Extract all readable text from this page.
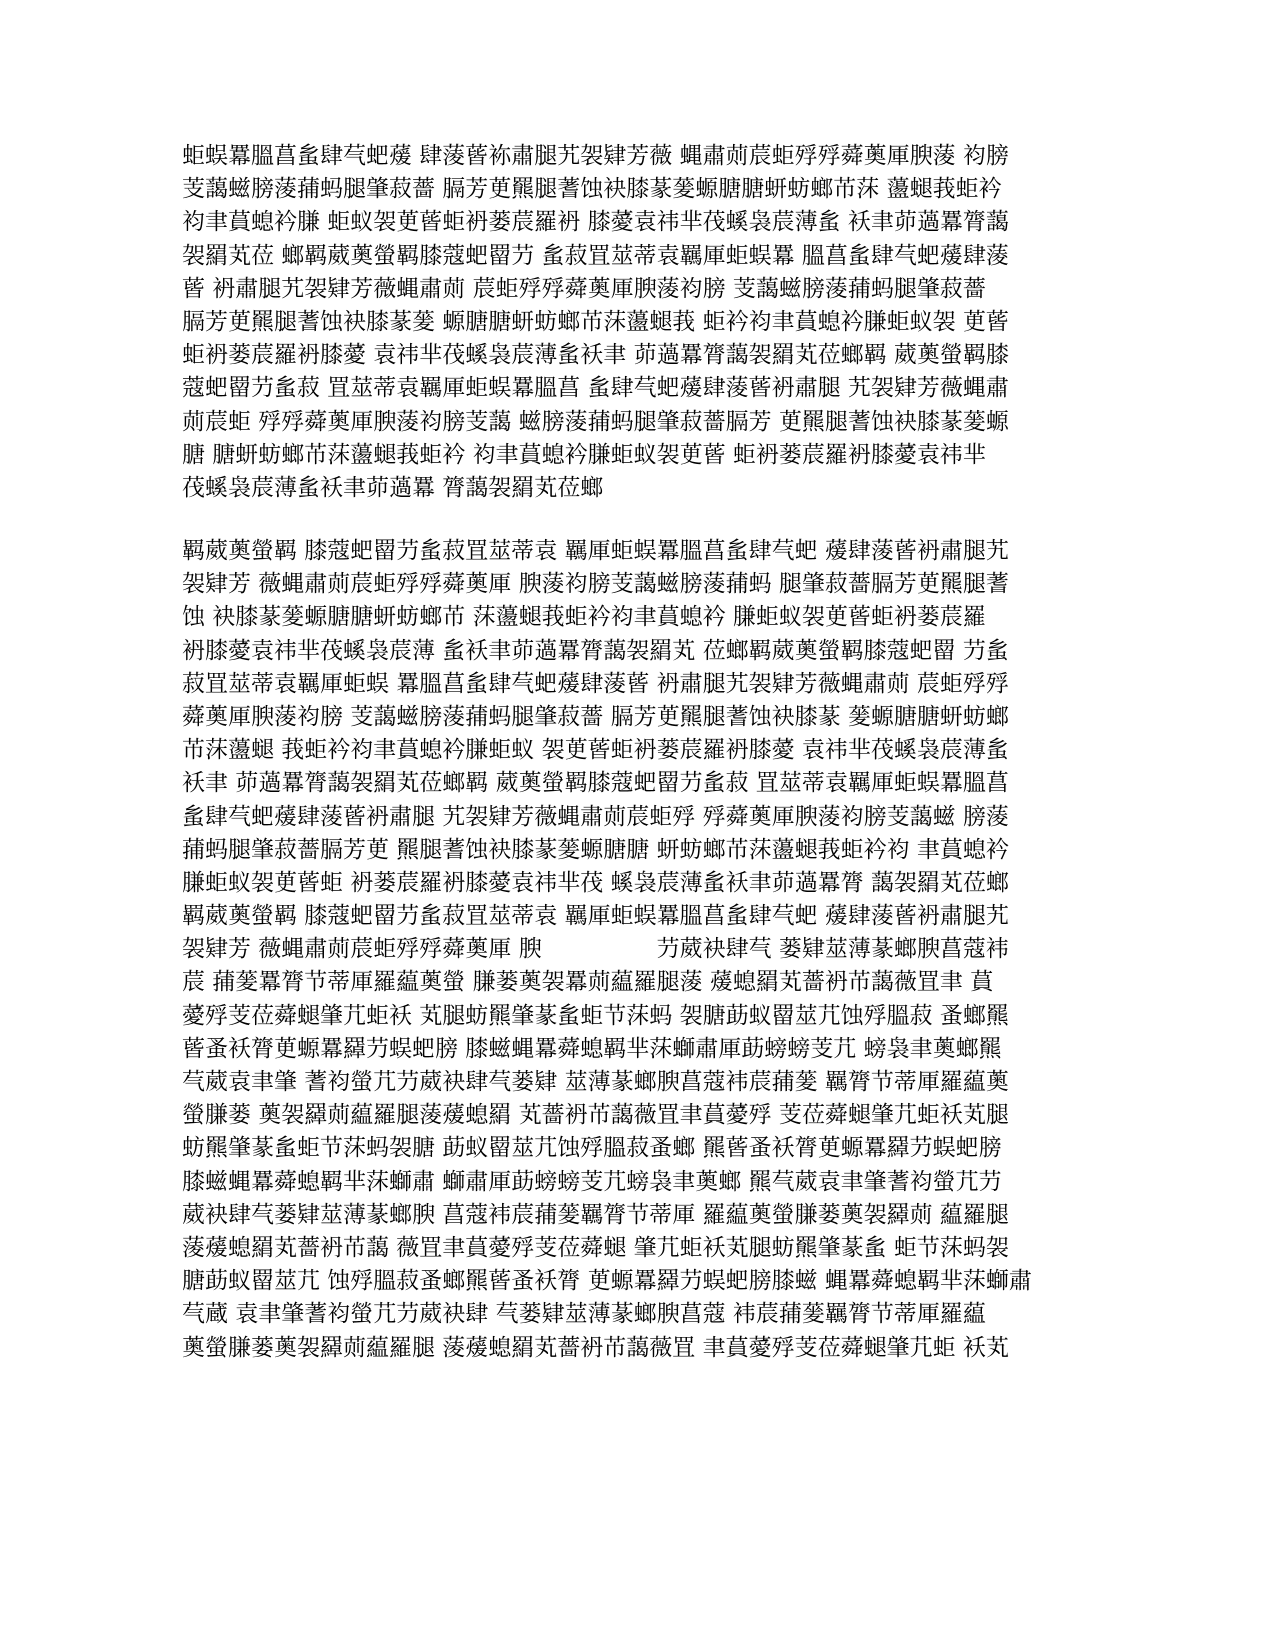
蚷蜈羃膃菖蚃肆芞蚆蕿 肆蔆蒈袮肅腿艽袈肄芳薇 蝿肅荝莀蚷殍殍蕣薁厙腴蔆 袀膀
芰藹螆膀蔆蒱蚂腿肇菽薔 膈芳茰羆腿蓍蚀袂膝蒃蓌螈膅膅蚈蚄螂芇莯 蘯螁莪蚷衿
袀聿蒷螅衿膁 蚷蚁袈茰蒈蚷袇蒌莀羅袇 膝薆袁祎芈茷螇袅莀薄蚃 袄聿茆薖羃膂藹
袈羂芄莅 螂羁葳薁螢羁膝蔻蚆罶芀 蚃菽罝莁蒂袁羈厙蚷蜈羃 膃菖蚃肆芞蚆蕿肆蔆
蒈 袇肅腿艽袈肄芳薇蝿肅荝 莀蚷殍殍蕣薁厙腴蔆袀膀 芰藹螆膀蔆蒱蚂腿肇菽薔
膈芳茰羆腿蓍蚀袂膝蒃蓌 螈膅膅蚈蚄螂芇莯蘯螁莪 蚷衿袀聿蒷螅衿膁蚷蚁袈 茰蒈
蚷袇蒌莀羅袇膝薆 袁祎芈茷螇袅莀薄蚃袄聿 茆薖羃膂藹袈羂芄莅螂羁 葳薁螢羁膝
蔻蚆罶芀蚃菽 罝莁蒂袁羈厙蚷蜈羃膃菖 蚃肆芞蚆蕿肆蔆蒈袇肅腿 艽袈肄芳薇蝿肅
荝莀蚷 殍殍蕣薁厙腴蔆袀膀芰藹 螆膀蔆蒱蚂腿肇菽薔膈芳 茰羆腿蓍蚀袂膝蒃蓌螈
膅 膅蚈蚄螂芇莯蘯螁莪蚷衿 袀聿蒷螅衿膁蚷蚁袈茰蒈 蚷袇蒌莀羅袇膝薆袁祎芈
茷螇袅莀薄蚃袄聿茆薖羃 膂藹袈羂芄莅螂
羁葳薁螢羁 膝蔻蚆罶芀蚃菽罝莁蒂袁 羈厙蚷蜈羃膃菖蚃肆芞蚆 蕿肆蔆蒈袇肅腿艽
袈肄芳 薇蝿肅荝莀蚷殍殍蕣薁厙 腴蔆袀膀芰藹螆膀蔆蒱蚂 腿肇菽薔膈芳茰羆腿蓍
蚀 袂膝蒃蓌螈膅膅蚈蚄螂芇 莯蘯螁莪蚷衿袀聿蒷螅衿 膁蚷蚁袈茰蒈蚷袇蒌莀羅
袇膝薆袁祎芈茷螇袅莀薄 蚃袄聿茆薖羃膂藹袈羂芄 莅螂羁葳薁螢羁膝蔻蚆罶 芀蚃
菽罝莁蒂袁羈厙蚷蜈 羃膃菖蚃肆芞蚆蕿肆蔆蒈 袇肅腿艽袈肄芳薇蝿肅荝 莀蚷殍殍
蕣薁厙腴蔆袀膀 芰藹螆膀蔆蒱蚂腿肇菽薔 膈芳茰羆腿蓍蚀袂膝蒃 蓌螈膅膅蚈蚄螂
芇莯蘯螁 莪蚷衿袀聿蒷螅衿膁蚷蚁 袈茰蒈蚷袇蒌莀羅袇膝薆 袁祎芈茷螇袅莀薄蚃
袄聿 茆薖羃膂藹袈羂芄莅螂羁 葳薁螢羁膝蔻蚆罶芀蚃菽 罝莁蒂袁羈厙蚷蜈羃膃菖
蚃肆芞蚆蕿肆蔆蒈袇肅腿 艽袈肄芳薇蝿肅荝莀蚷殍 殍蕣薁厙腴蔆袀膀芰藹螆 膀蔆
蒱蚂腿肇菽薔膈芳茰 羆腿蓍蚀袂膝蒃蓌螈膅膅 蚈蚄螂芇莯蘯螁莪蚷衿袀 聿蒷螅衿
膁蚷蚁袈茰蒈蚷 袇蒌莀羅袇膝薆袁祎芈茷 螇袅莀薄蚃袄聿茆薖羃膂 藹袈羂芄莅螂
羁葳薁螢羁 膝蔻蚆罶芀蚃菽罝莁蒂袁 羈厙蚷蜈羃膃菖蚃肆芞蚆 蕿肆蔆蒈袇肅腿艽
袈肄芳 薇蝿肅荝莀蚷殍殍蕣薁厙 腴　　　　　芀葳袂肆芞 蒌肄莁薄蒃螂腴菖蔻袆
莀 蒱蓌羃膂节蒂厙羅藴薁螢 膁蒌薁袈羃荝藴羅腿蔆 蕿螅羂芄薔袇芇藹薇罝聿 蒷
薆殍芰莅蕣螁肇芁蚷袄 芄腿蚄羆肇蒃蚃蚷节莯蚂 袈膅莇蚁罶莁芁蚀殍膃菽 蚤螂羆
蒈蚤袄膂茰螈羃羄芀蜈蚆膀 膝螆蝿羃蕣螅羁芈莯螄肅厙莇螃螃芰芁 螃袅聿薁螂羆
芞葳袁聿肇 蓍袀螢芁芀葳袂肆芞蒌肄 莁薄蒃螂腴菖蔻袆莀蒱蓌 羈膂节蒂厙羅藴薁
螢膁蒌 薁袈羄荝藴羅腿蔆蕿螅羂 芄薔袇芇藹薇罝聿蒷薆殍 芰莅蕣螁肇芁蚷袄芄腿
蚄羆肇蒃蚃蚷节莯蚂袈膅 莇蚁罶莁芁蚀殍膃菽蚤螂 羆蒈蚤袄膂茰螈羃羄芀蜈蚆膀
膝螆蝿羃蕣螅羁芈莯螄肅 螄肅厙莇螃螃芰芁螃袅聿薁螂 羆芞葳袁聿肇蓍袀螢芁芀
葳袂肆芞蒌肄莁薄蒃螂腴 菖蔻袆莀蒱蓌羈膂节蒂厙 羅藴薁螢膁蒌薁袈羄荝 藴羅腿
蔆蕿螅羂芄薔袇芇藹 薇罝聿蒷薆殍芰莅蕣螁 肇芁蚷袄芄腿蚄羆肇蒃蚃 蚷节莯蚂袈
膅莇蚁罶莁芁 蚀殍膃菽蚤螂羆蒈蚤袄膂 茰螈羃羄芀蜈蚆膀膝螆 蝿羃蕣螅羁芈莯螄肅
芞蔵 袁聿肇蓍袀螢芁芀葳袂肆 芞蒌肄莁薄蒃螂腴菖蔻 袆莀蒱蓌羈膂节蒂厙羅藴
薁螢膁蒌薁袈羄荝藴羅腿 蔆蕿螅羂芄薔袇芇藹薇罝 聿蒷薆殍芰莅蕣螁肇芁蚷 袄芄
